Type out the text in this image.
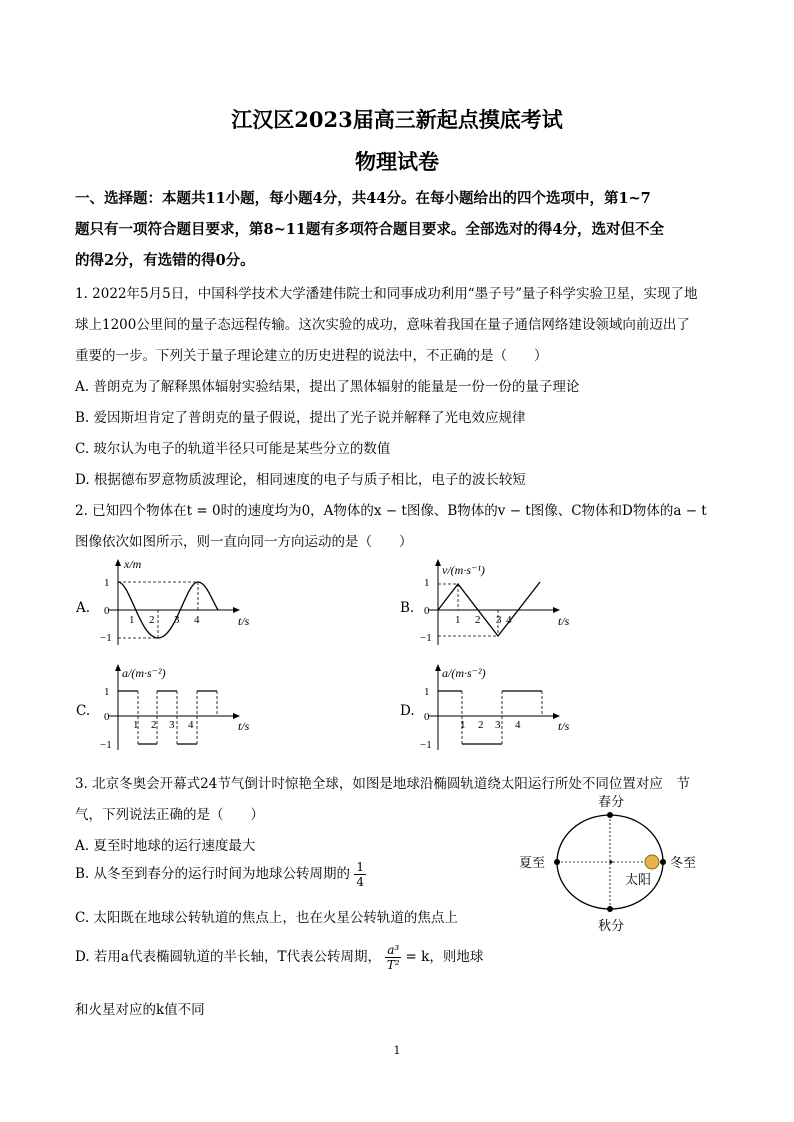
江汉区2023届高三新起点摸底考试
物理试卷
一、选择题：本题共11小题，每小题4分，共44分。在每小题给出的四个选项中，第1~7
题只有一项符合题目要求，第8~11题有多项符合题目要求。全部选对的得4分，选对但不全
的得2分，有选错的得0分。
1. 2022年5月5日，中国科学技术大学潘建伟院士和同事成功利用“墨子号”量子科学实验卫星，实现了地
球上1200公里间的量子态远程传输。这次实验的成功，意味着我国在量子通信网络建设领域向前迈出了
重要的一步。下列关于量子理论建立的历史进程的说法中，不正确的是（　　）
A. 普朗克为了解释黑体辐射实验结果，提出了黑体辐射的能量是一份一份的量子理论
B. 爱因斯坦肯定了普朗克的量子假说，提出了光子说并解释了光电效应规律
C. 玻尔认为电子的轨道半径只可能是某些分立的数值
D. 根据德布罗意物质波理论，相同速度的电子与质子相比，电子的波长较短
2. 已知四个物体在t = 0时的速度均为0，A物体的x − t图像、B物体的v − t图像、C物体和D物体的a − t
图像依次如图所示，则一直向同一方向运动的是（　　）
A.
x/m
t/s
1
0
−1
1 2 3 4
B.
v/(m·s⁻¹)
t/s
1
0
−1
1 2 3 4
C.
a/(m·s⁻²)
t/s
1
0
−1
1 2 3 4
D.
a/(m·s⁻²)
t/s
1
0
−1
1 2 3 4
3. 北京冬奥会开幕式24节气倒计时惊艳全球，如图是地球沿椭圆轨道绕太阳运行所处不同位置对应　节
气，下列说法正确的是（　　）
A. 夏至时地球的运行速度最大
B. 从冬至到春分的运行时间为地球公转周期的 $\frac{1}{4}$
C. 太阳既在地球公转轨道的焦点上，也在火星公转轨道的焦点上
D. 若用a代表椭圆轨道的半长轴，T代表公转周期， $\frac{\text{a³}}{\text{T²}} = k$，则地球
和火星对应的k值不同
春分
秋分
夏至	冬至
太阳
1
